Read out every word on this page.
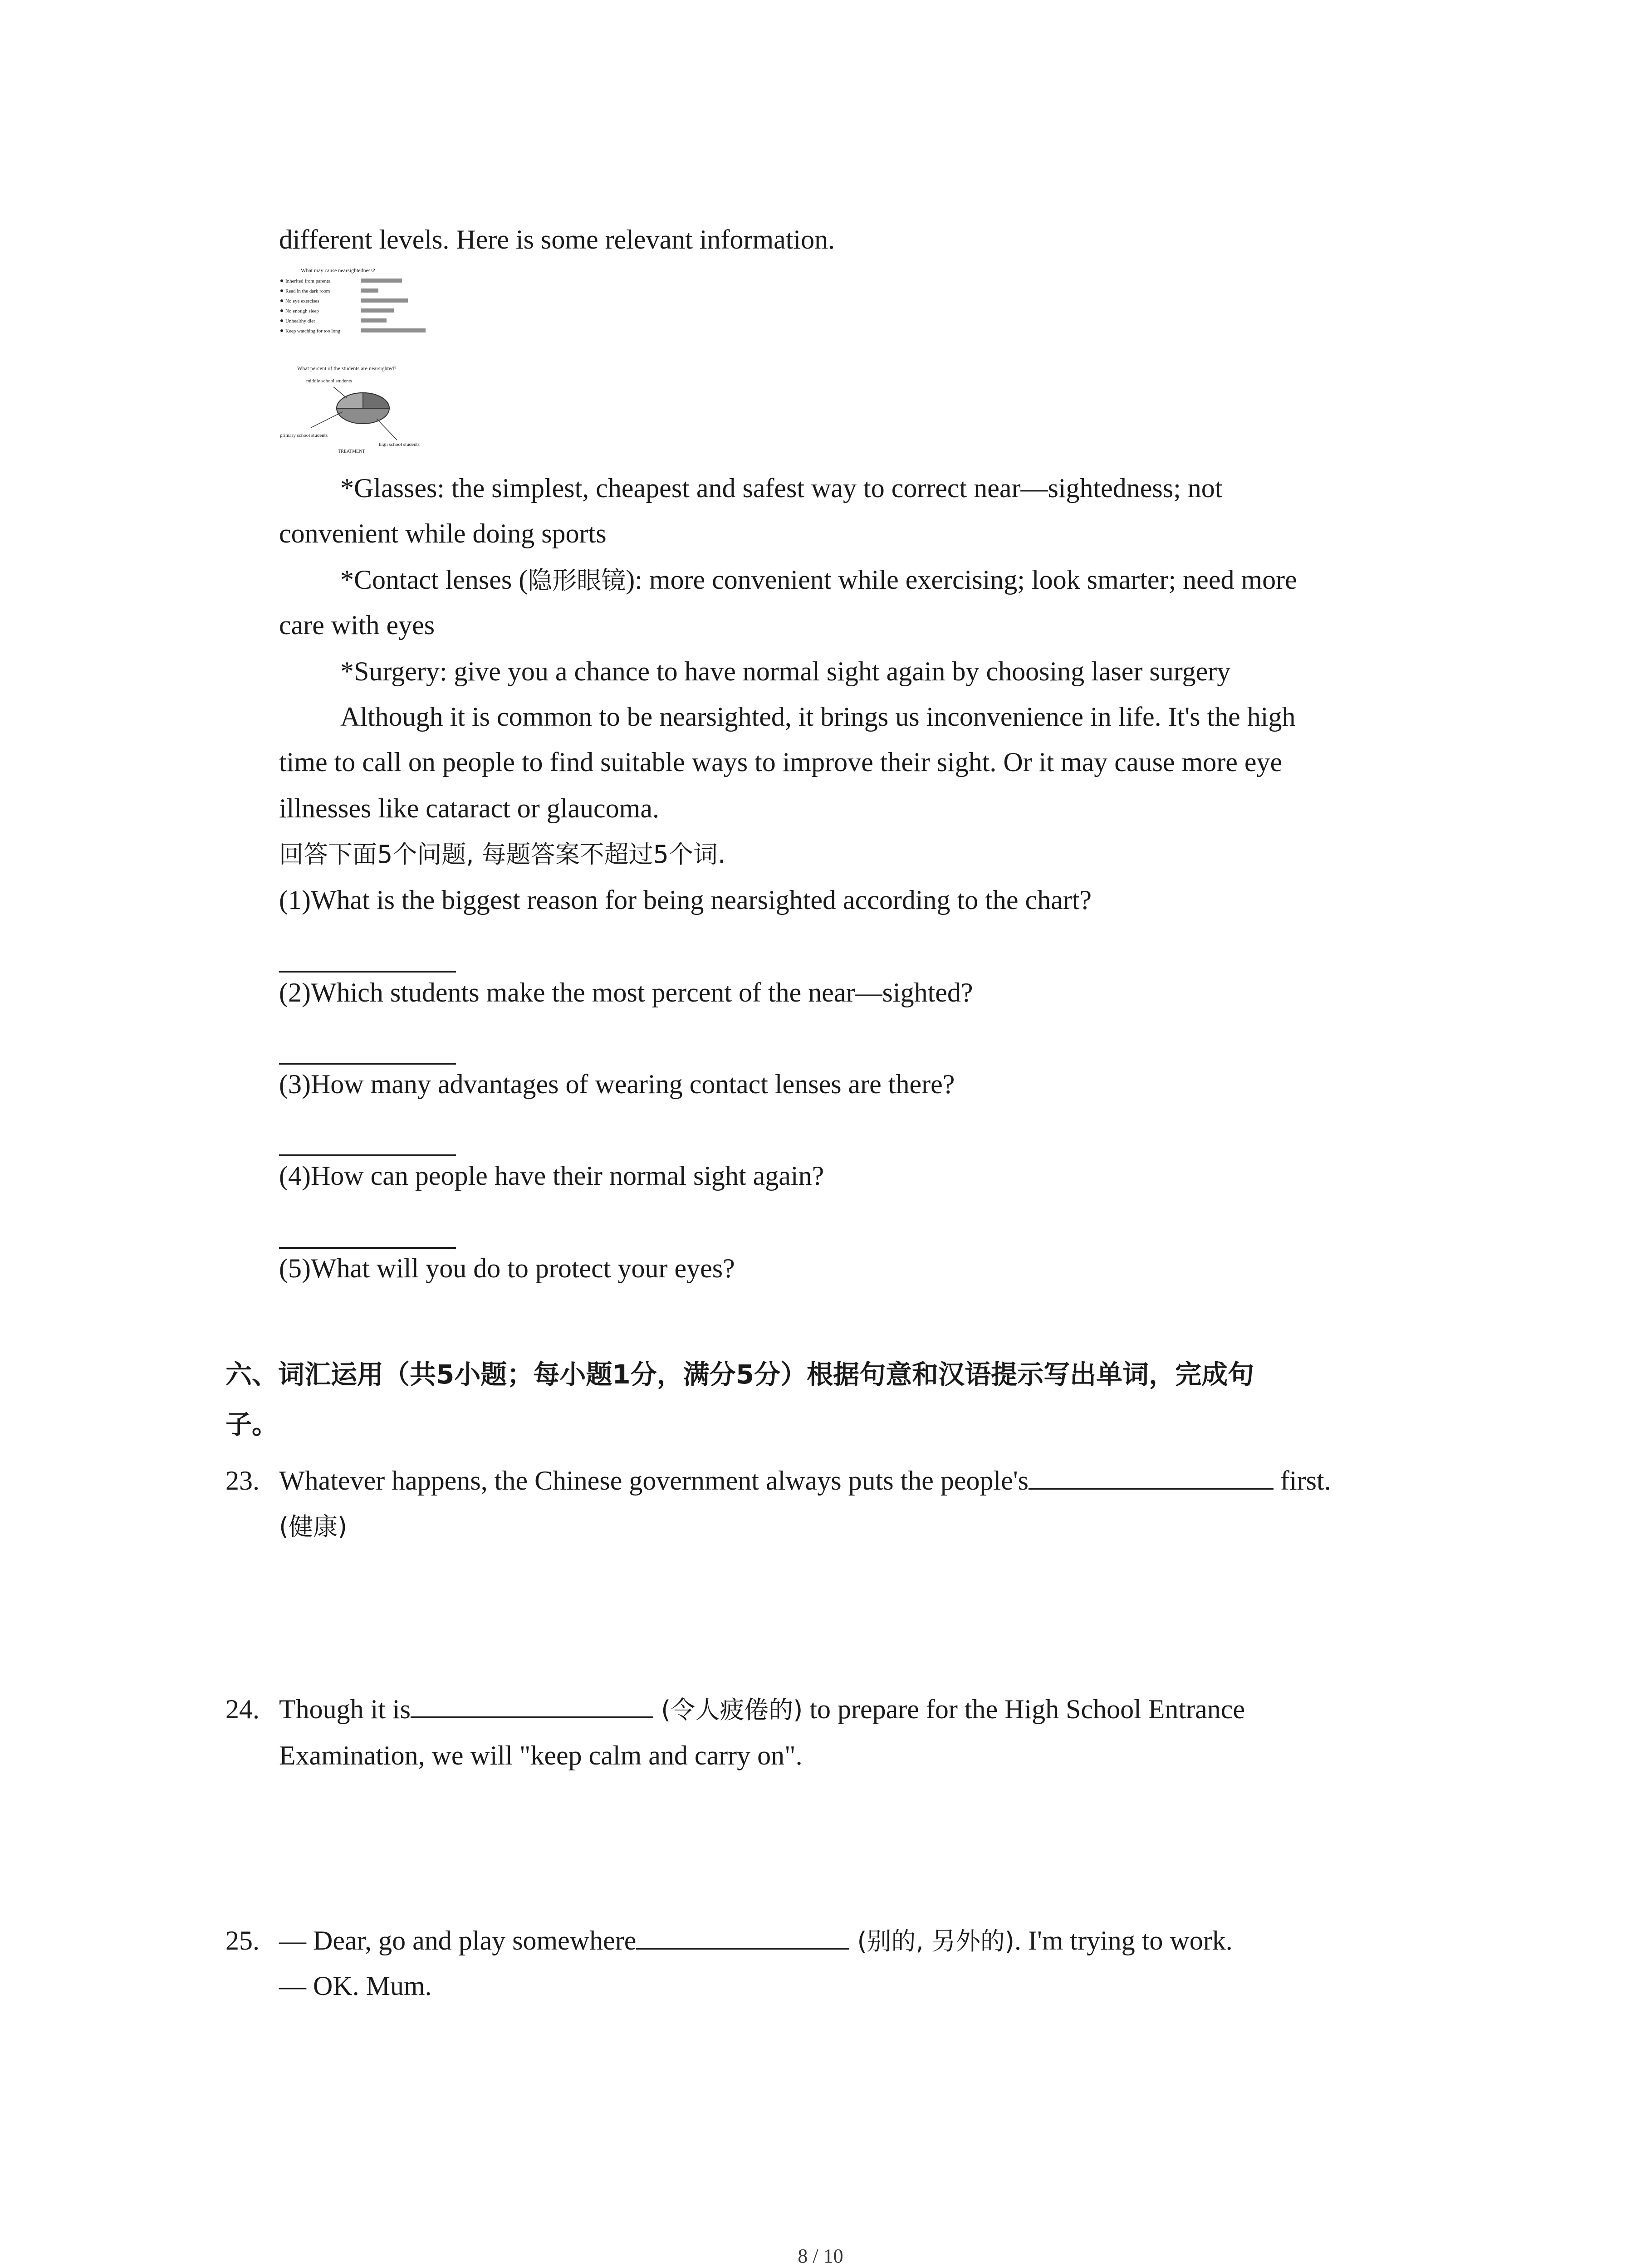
different levels. Here is some relevant information.
What may cause nearsightedness?
Inherited from parents
Read in the dark room
No eye exercises
No enough sleep
Unhealthy diet
Keep watching for too long
What percent of the students are nearsighted?
middle school students
primary school students
high school students
TREATMENT
*Glasses: the simplest, cheapest and safest way to correct near—sightedness; not
convenient while doing sports
*Contact lenses (隐形眼镜): more convenient while exercising; look smarter; need more
care with eyes
*Surgery: give you a chance to have normal sight again by choosing laser surgery
Although it is common to be nearsighted, it brings us inconvenience in life. It's the high
time to call on people to find suitable ways to improve their sight. Or it may cause more eye
illnesses like cataract or glaucoma.
回答下面5个问题, 每题答案不超过5个词.
(1)What is the biggest reason for being nearsighted according to the chart?
(2)Which students make the most percent of the near—sighted?
(3)How many advantages of wearing contact lenses are there?
(4)How can people have their normal sight again?
(5)What will you do to protect your eyes?
六、词汇运用（共5小题；每小题1分，满分5分）根据句意和汉语提示写出单词，完成句
子。
23. Whatever happens, the Chinese government always puts the people's	first.
(健康)
24. Though it is	(令人疲倦的) to prepare for the High School Entrance
Examination, we will "keep calm and carry on".
25. — Dear, go and play somewhere	(别的, 另外的). I'm trying to work.
— OK. Mum.
8 / 10
